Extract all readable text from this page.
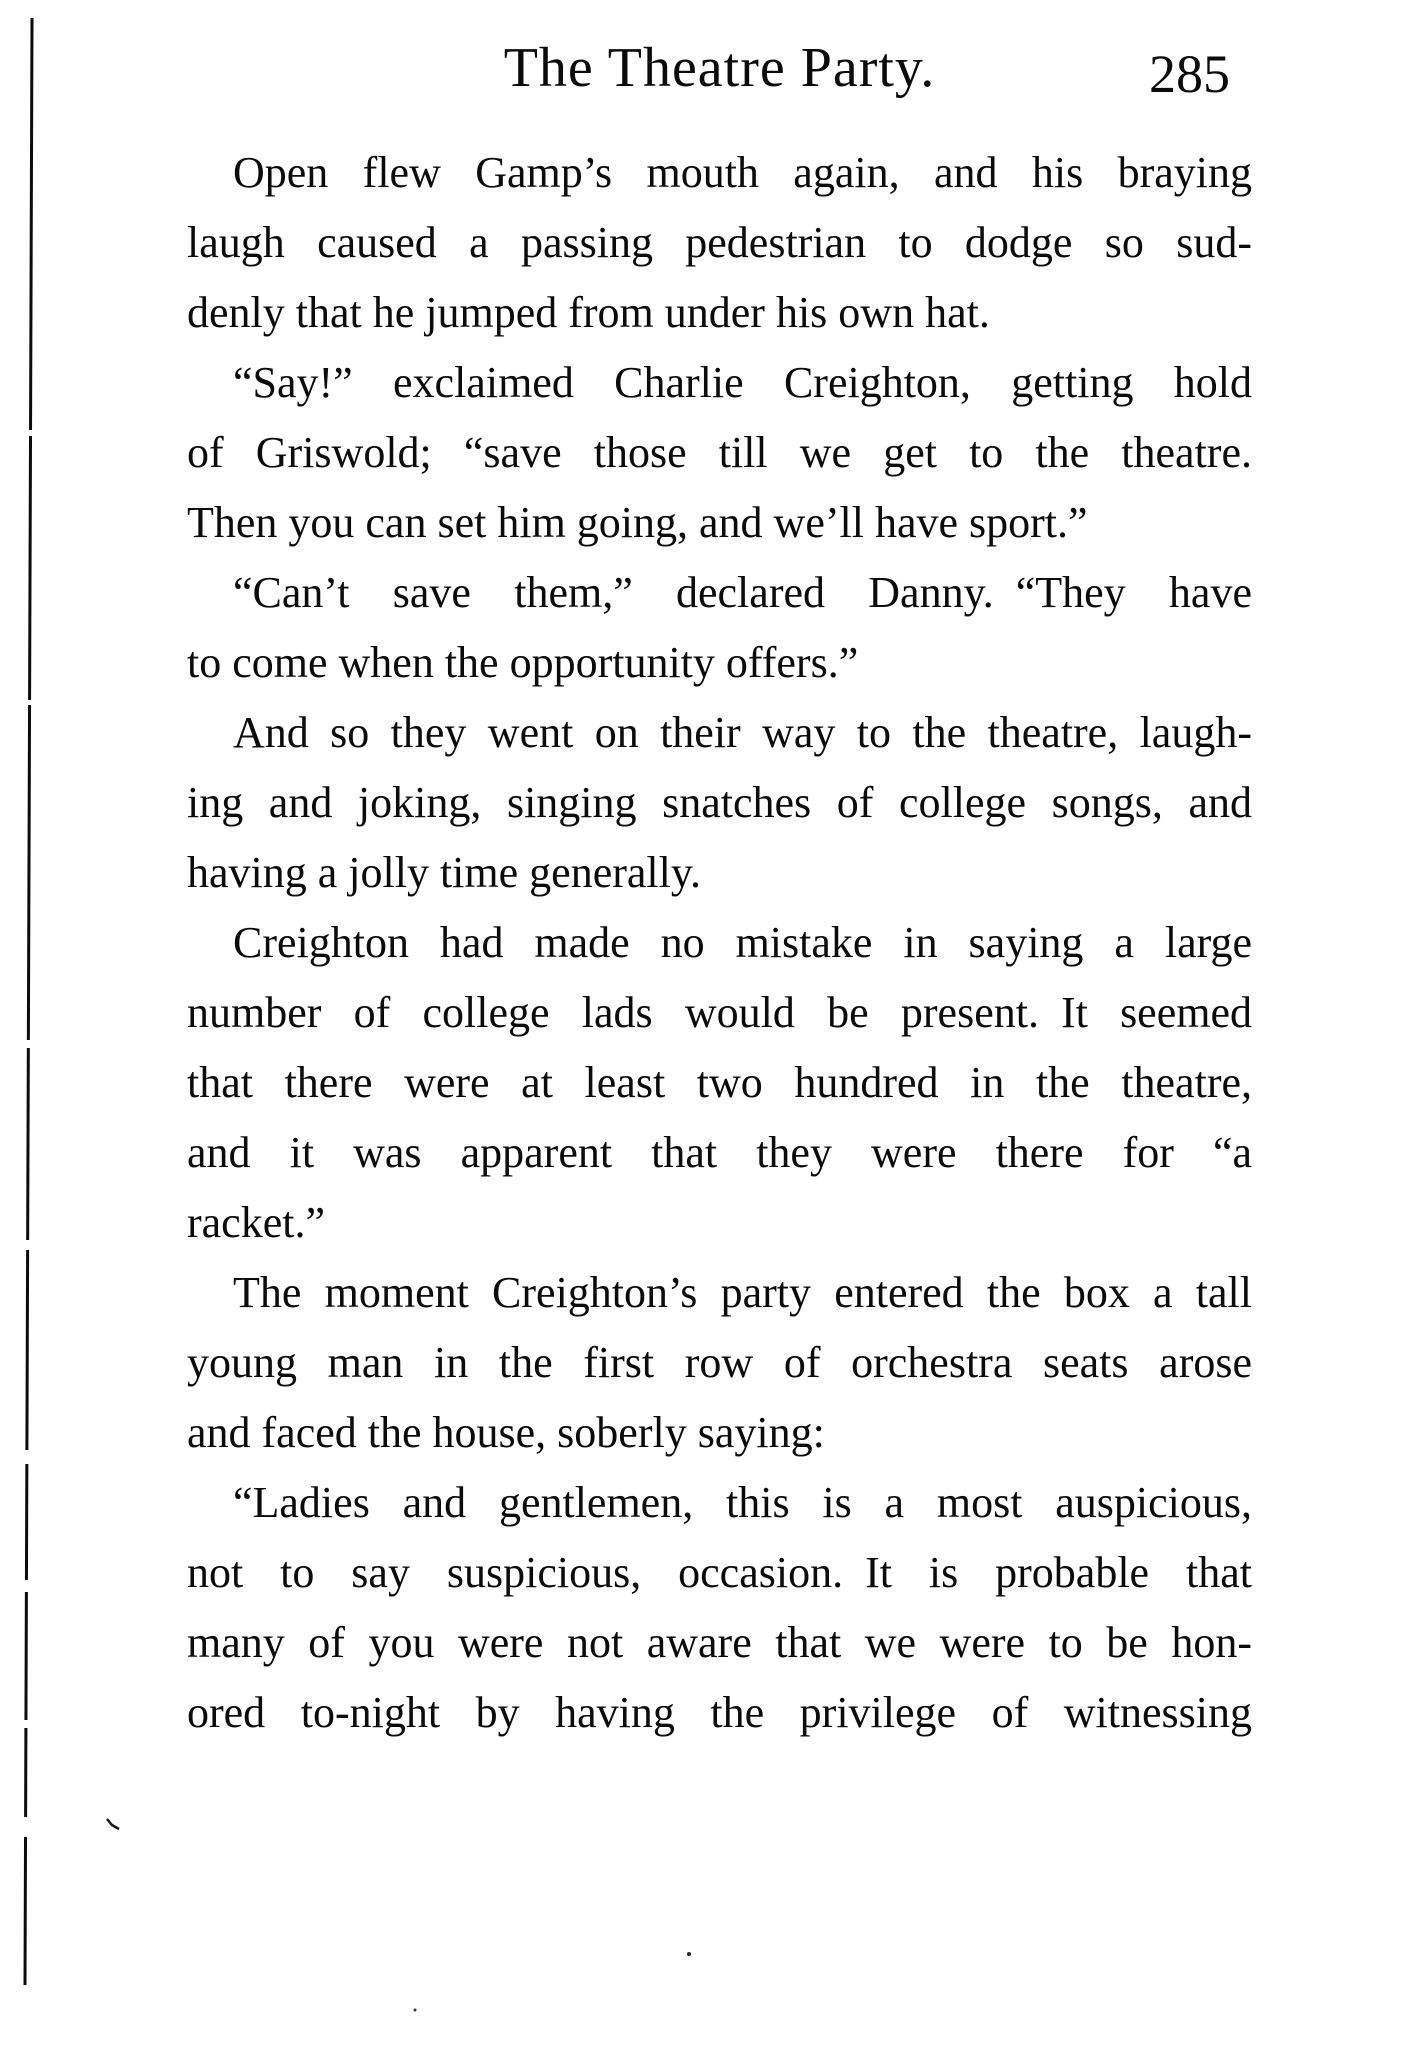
The Theatre Party.	285
Open flew Gamp’s mouth again, and his braying
laugh caused a passing pedestrian to dodge so sud-
denly that he jumped from under his own hat.
“Say!” exclaimed Charlie Creighton, getting hold
of Griswold; “save those till we get to the theatre.
Then you can set him going, and we’ll have sport.”
“Can’t save them,” declared Danny. “They have
to come when the opportunity offers.”
And so they went on their way to the theatre, laugh-
ing and joking, singing snatches of college songs, and
having a jolly time generally.
Creighton had made no mistake in saying a large
number of college lads would be present. It seemed
that there were at least two hundred in the theatre,
and it was apparent that they were there for “a
racket.”
The moment Creighton’s party entered the box a tall
young man in the first row of orchestra seats arose
and faced the house, soberly saying:
“Ladies and gentlemen, this is a most auspicious,
not to say suspicious, occasion. It is probable that
many of you were not aware that we were to be hon-
ored to-night by having the privilege of witnessing
